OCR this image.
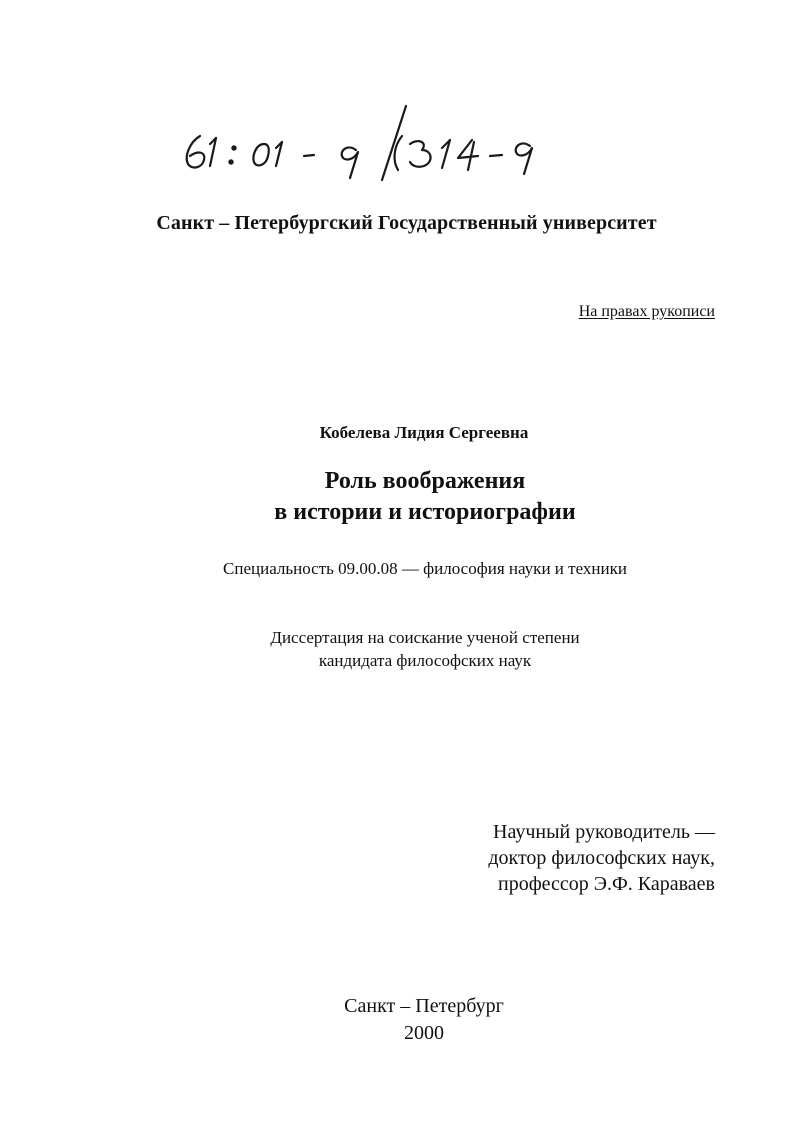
Санкт – Петербургский Государственный университет
На правах рукописи
Кобелева Лидия Сергеевна
Роль воображения
в истории и историографии
Специальность 09.00.08 — философия науки и техники
Диссертация на соискание ученой степени
кандидата философских наук
Научный руководитель —
доктор философских наук,
профессор Э.Ф. Караваев
Санкт – Петербург
2000
